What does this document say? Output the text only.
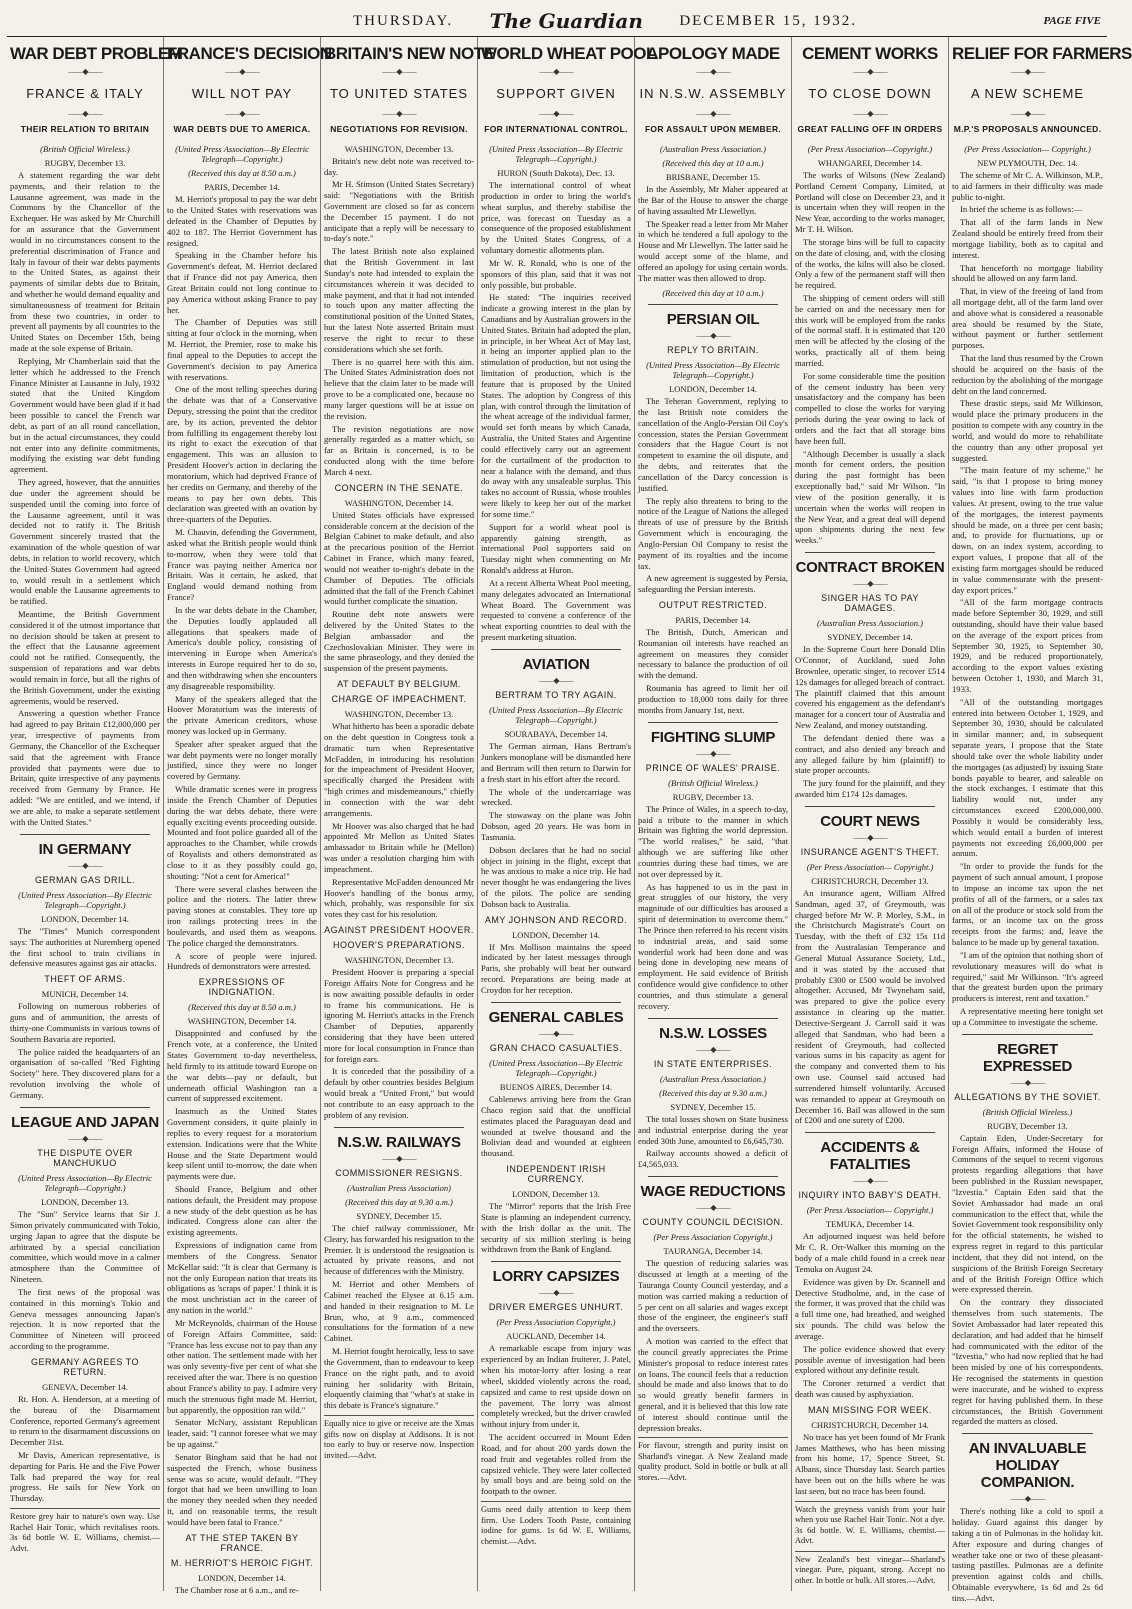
THURSDAY. The Guardian DECEMBER 15, 1932.	PAGE FIVE
WAR DEBT PROBLEM
——◆——
FRANCE & ITALY
——◆——
THEIR RELATION TO BRITAIN
(British Official Wireless.)
RUGBY, December 13.

A statement regarding the war debt payments, and their relation to the Lausanne agreement, was made in the Commons by the Chancellor of the Exchequer. He was asked by Mr Churchill for an assurance that the Government would in no circumstances consent to the preferential discrimination of France and Italy in favour of their war debts payments to the United States, as against their payments of similar debts due to Britain, and whether he would demand equality and simultaneousness of treatment for Britain from these two countries, in order to prevent all payments by all countries to the United States on December 15th, being made at the sole expense of Britain.

Replying, Mr Chamberlain said that the letter which he addressed to the French Finance Minister at Lausanne in July, 1932 stated that the United Kingdom Government would have been glad if it had been possible to cancel the French war debt, as part of an all round cancellation, but in the actual circumstances, they could not enter into any definite commitments, modifying the existing war debt funding agreement.

They agreed, however, that the annuities due under the agreement should be suspended until the coming into force of the Lausanne agreement, until it was decided not to ratify it. The British Government sincerely trusted that the examination of the whole question of war debts, in relation to world recovery, which the United States Government had agreed to, would result in a settlement which would enable the Lausanne agreements to be ratified.

Meantime, the British Government considered it of the utmost importance that no decision should be taken at present to the effect that the Lausanne agreement could not be ratified. Consequently, the suspension of reparations and war debts would remain in force, but all the rights of the British Government, under the existing agreements, would be reserved.

Answering a question whether France had agreed to pay Britain £12,000,000 per year, irrespective of payments from Germany, the Chancellor of the Exchequer said that the agreement with France provided that payments were due to Britain, quite irrespective of any payments received from Germany by France. He added: "We are entitled, and we intend, if we are able, to make a separate settlement with the United States."

IN GERMANY
——◆——
GERMAN GAS DRILL.
(United Press Association—By Electric Telegraph—Copyright.)
LONDON, December 14.

The "Times" Munich correspondent says: The authorities at Nuremberg opened the first school to train civilians in defensive measures against gas air attacks.

THEFT OF ARMS.
MUNICH, December 14.

Following on numerous robberies of guns and of ammunition, the arrests of thirty-one Communists in various towns of Southern Bavaria are reported.

The police raided the headquarters of an organisation of so-called "Red Fighting Society" here. They discovered plans for a revolution involving the whole of Germany.

LEAGUE AND JAPAN
——◆——
THE DISPUTE OVER MANCHUKUO
(United Press Association—By Electric Telegraph—Copyright.)
LONDON, December 13.

The "Sun" Service learns that Sir J. Simon privately communicated with Tokio, urging Japan to agree that the dispute be arbitrated by a special conciliation committee, which would move in a calmer atmosphere than the Committee of Nineteen.

The first news of the proposal was contained in this morning's Tokio and Geneva messages announcing Japan's rejection. It is now reported that the Committee of Nineteen will proceed according to the programme.

GERMANY AGREES TO RETURN.
GENEVA, December 14.

Rt. Hon. A. Henderson, at a meeting of the bureau of the Disarmament Conference, reported Germany's agreement to return to the disarmament discussions on December 31st.

Mr Davis, American representative, is departing for Paris. He and the Five Power Talk had prepared the way for real progress. He sails for New York on Thursday.

Restore grey hair to nature's own way. Use Rachel Hair Tonic, which revitalises roots. 3s 6d bottle W. E. Williams, chemist.—Advt.

FRANCE'S DECISION
——◆——
WILL NOT PAY
——◆——
WAR DEBTS DUE TO AMERICA.
(United Press Association—By Electric Telegraph—Copyright.)
(Received this day at 8.50 a.m.)
PARIS, December 14.

M. Herriot's proposal to pay the war debt to the United States with reservations was defeated in the Chamber of Deputies by 402 to 187. The Herriot Government has resigned.

Speaking in the Chamber before his Government's defeat, M. Herriot declared that if France did not pay America, then Great Britain could not long continue to pay America without asking France to pay her.

The Chamber of Deputies was still sitting at four o'clock in the morning, when M. Herriot, the Premier, rose to make his final appeal to the Deputies to accept the Government's decision to pay America with reservations.

One of the most telling speeches during the debate was that of a Conservative Deputy, stressing the point that the creditor are, by its action, prevented the debtor from fulfilling its engagement thereby lost its right to exact the execution of that engagement. This was an allusion to President Hoover's action in declaring the moratorium, which had deprived France of her credits on Germany, and thereby of the means to pay her own debts. This declaration was greeted with an ovation by three-quarters of the Deputies.

M. Chauvin, defending the Government, asked what the British people would think to-morrow, when they were told that France was paying neither America nor Britain. Was it certain, he asked, that England would demand nothing from France?

In the war debts debate in the Chamber, the Deputies loudly applauded all allegations that speakers made of America's double policy, consisting of intervening in Europe when America's interests in Europe required her to do so, and then withdrawing when she encounters any disagreeable responsibility.

Many of the speakers alleged that the Hoover Moratorium was the interests of the private American creditors, whose money was locked up in Germany.

Speaker after speaker argued that the war debt payments were no longer morally justified, since they were no longer covered by Germany.

While dramatic scenes were in progress inside the French Chamber of Deputies during the war debts debate, there were equally exciting events proceeding outside. Mounted and foot police guarded all of the approaches to the Chamber, while crowds of Royalists and others demonstrated as close to it as they possibly could go, shouting: "Not a cent for America!"

There were several clashes between the police and the rioters. The latter threw paving stones at constables. They tore up iron railings protecting trees in the boulevards, and used them as weapons. The police charged the demonstrators.

A score of people were injured. Hundreds of demonstrators were arrested.

EXPRESSIONS OF INDIGNATION.
(Received this day at 8.50 a.m.)
WASHINGTON, December 14.

Disappointed and confused by the French vote, at a conference, the United States Government to-day nevertheless, held firmly to its attitude toward Europe on the war debts—pay or default, but underneath official Washington ran a current of suppressed excitement.

Inasmuch as the United States Government considers, it quite plainly in replies to every request for a moratorium extension. Indications were that the White House and the State Department would keep silent until to-morrow, the date when payments were due.

Should France, Belgium and other nations default, the President may propose a new study of the debt question as he has indicated. Congress alone can alter the existing agreements.

Expressions of indignation came from members of the Congress. Senator McKellar said: "It is clear that Germany is not the only European nation that treats its obligations as 'scraps of paper.' I think it is the most unchristian act in the career of any nation in the world."

Mr McReynolds, chairman of the House of Foreign Affairs Committee, said: "France has less excuse not to pay than any other nation. The settlement made with her was only seventy-five per cent of what she received after the war. There is no question about France's ability to pay. I admire very much the strenuous fight made M. Herriot, but apparently, the opposition ran wild."

Senator McNary, assistant Republican leader, said: "I cannot foresee what we may be up against."

Senator Bingham said that he had not suspected the French, whose business sense was so acute, would default. "They forgot that had we been unwilling to loan the money they needed when they needed it, and on reasonable terms, the result would have been fatal to France."

AT THE STEP TAKEN BY FRANCE.
M. HERRIOT'S HEROIC FIGHT.
LONDON, December 14.

The Chamber rose at 6 a.m., and re-

BRITAIN'S NEW NOTE
——◆——
TO UNITED STATES
——◆——
NEGOTIATIONS FOR REVISION.
WASHINGTON, December 13.

Britain's new debt note was received to-day.

Mr H. Stimson (United States Secretary) said: "Negotiations with the British Government are closed so far as concern the December 15 payment. I do not anticipate that a reply will be necessary to to-day's note."

The latest British note also explained that the British Government in last Sunday's note had intended to explain the circumstances wherein it was decided to make payment, and that it had not intended to touch upon any matter affecting the constitutional position of the United States, but the latest Note asserted Britain must reserve the right to recur to these considerations which she set forth.

There is no quarrel here with this aim. The United States Administration does not believe that the claim later to be made will prove to be a complicated one, because no many larger questions will be at issue on the revision.

The revision negotiations are now generally regarded as a matter which, so far as Britain is concerned, is to be conducted along with the time before March 4 next.

CONCERN IN THE SENATE.
WASHINGTON, December 14.

United States officials have expressed considerable concern at the decision of the Belgian Cabinet to make default, and also at the precarious position of the Herriot Cabinet in France, which many feared, would not weather to-night's debate in the Chamber of Deputies. The officials admitted that the fall of the French Cabinet would further complicate the situation.

Routine debt note answers were delivered by the United States to the Belgian ambassador and the Czechoslovakian Minister. They were in the same phraseology, and they denied the suspension of the present payments.

AT DEFAULT BY BELGIUM.
CHARGE OF IMPEACHMENT.
WASHINGTON, December 13.

What hitherto has been a sporadic debate on the debt question in Congress took a dramatic turn when Representative McFadden, in introducing his resolution for the impeachment of President Hoover, specifically charged the President with "high crimes and misdemeanours," chiefly in connection with the war debt arrangements.

Mr Hoover was also charged that he had appointed Mr Mellon as United States ambassador to Britain while he (Mellon) was under a resolution charging him with impeachment.

Representative McFadden denounced Mr Hoover's handling of the bonus army, which, probably, was responsible for six votes they cast for his resolution.

AGAINST PRESIDENT HOOVER.
HOOVER'S PREPARATIONS.
WASHINGTON, December 13.

President Hoover is preparing a special Foreign Affairs Note for Congress and he is now awaiting possible defaults in order to frame his communications. He is ignoring M. Herriot's attacks in the French Chamber of Deputies, apparently considering that they have been uttered more for local consumption in France than for foreign ears.

It is conceded that the possibility of a default by other countries besides Belgium would break a "United Front," but would not contribute to an easy approach to the problem of any revision.

N.S.W. RAILWAYS
——◆——
COMMISSIONER RESIGNS.
(Australian Press Association)
(Received this day at 9.30 a.m.)
SYDNEY, December 15.

The chief railway commissioner, Mr Cleary, has forwarded his resignation to the Premier. It is understood the resignation is actuated by private reasons, and not because of differences with the Ministry.

M. Herriot and other Members of Cabinet reached the Elysee at 6.15 a.m. and handed in their resignation to M. Le Brun, who, at 9 a.m., commenced consultations for the formation of a new Cabinet.

M. Herriot fought heroically, less to save the Government, than to endeavour to keep France on the right path, and to avoid ruining her solidarity with Britain, eloquently claiming that "what's at stake in this debate is France's signature."

Equally nice to give or receive are the Xmas gifts now on display at Addisons. It is not too early to buy or reserve now. Inspection invited.—Advt.

WORLD WHEAT POOL
——◆——
SUPPORT GIVEN
——◆——
FOR INTERNATIONAL CONTROL.
(United Press Association—By Electric Telegraph—Copyright.)
HURON (South Dakota), Dec. 13.

The international control of wheat production in order to bring the world's wheat surplus, and thereby stabilise the price, was forecast on Tuesday as a consequence of the proposed establishment by the United States Congress, of a voluntary domestic allotments plan.

Mr W. R. Ronald, who is one of the sponsors of this plan, said that it was not only possible, but probable.

He stated: "The inquiries received indicate a growing interest in the plan by Canadians and by Australian growers in the United States. Britain had adopted the plan, in principle, in her Wheat Act of May last, it being an importer applied plan to the stimulation of production, but not using the limitation of production, which is the feature that is proposed by the United States. The adoption by Congress of this plan, with control through the limitation of the wheat acreage of the individual farmer, would set forth means by which Canada, Australia, the United States and Argentine could effectively carry out an agreement for the curtailment of the production to near a balance with the demand, and thus do away with any unsaleable surplus. This takes no account of Russia, whose troubles were likely to keep her out of the market for some time."

Support for a world wheat pool is apparently gaining strength, as international Pool supporters said on Tuesday night when commenting on Mr Ronald's address at Huron.

At a recent Alberta Wheat Pool meeting, many delegates advocated an International Wheat Board. The Government was requested to convene a conference of the wheat exporting countries to deal with the present marketing situation.

AVIATION
——◆——
BERTRAM TO TRY AGAIN.
(United Press Association—By Electric Telegraph—Copyright.)
SOURABAYA, December 14.

The German airman, Hans Bertram's Junkers monoplane will be dismantled here and Bertram will then return to Darwin for a fresh start in his effort after the record.

The whole of the undercarriage was wrecked.

The stowaway on the plane was John Dobson, aged 20 years. He was born in Tasmania.

Dobson declares that he had no social object in joining in the flight, except that he was anxious to make a nice trip. He had never thought he was endangering the lives of the pilots. The police are sending Dobson back to Australia.

AMY JOHNSON AND RECORD.
LONDON, December 14.

If Mrs Mollison maintains the speed indicated by her latest messages through Paris, she probably will beat her outward record. Preparations are being made at Croydon for her reception.

GENERAL CABLES
——◆——
GRAN CHACO CASUALTIES.
(United Press Association—By Electric Telegraph—Copyright.)
BUENOS AIRES, December 14.

Cablenews arriving here from the Gran Chaco region said that the unofficial estimates placed the Paraguayan dead and wounded at twelve thousand and the Bolivian dead and wounded at eighteen thousand.

INDEPENDENT IRISH CURRENCY.
LONDON, December 13.

The "Mirror" reports that the Irish Free State is planning an independent currency, with the Irish dollar as the unit. The security of six million sterling is being withdrawn from the Bank of England.

LORRY CAPSIZES
——◆——
DRIVER EMERGES UNHURT.
(Per Press Association Copyright.)
AUCKLAND, December 14.

A remarkable escape from injury was experienced by an Indian fruiterer, J. Patel, when his motor-lorry after losing a rear wheel, skidded violently across the road, capsized and came to rest upside down on the pavement. The lorry was almost completely wrecked, but the driver crawled without injury from under it.

The accident occurred in Mount Eden Road, and for about 200 yards down the road fruit and vegetables rolled from the capsized vehicle. They were later collected by small boys and are being sold on the footpath to the owner.

Gums need daily attention to keep them firm. Use Loders Tooth Paste, containing iodine for gums. 1s 6d W. E. Williams, chemist.—Advt.

APOLOGY MADE
——◆——
IN N.S.W. ASSEMBLY
——◆——
FOR ASSAULT UPON MEMBER.
(Australian Press Association.)
(Received this day at 10 a.m.)
BRISBANE, December 15.

In the Assembly, Mr Maher appeared at the Bar of the House to answer the charge of having assaulted Mr Llewellyn.

The Speaker read a letter from Mr Maher in which he tendered a full apology to the House and Mr Llewellyn. The latter said he would accept some of the blame, and offered an apology for using certain words. The matter was then allowed to drop.

(Received this day at 10 a.m.)
PERSIAN OIL
——◆——
REPLY TO BRITAIN.
(United Press Association—By Electric Telegraph—Copyright.)
LONDON, December 14.

The Teheran Government, replying to the last British note considers the cancellation of the Anglo-Persian Oil Coy's concession, states the Persian Government considers that the Hague Court is not competent to examine the oil dispute, and the debts, and reiterates that the cancellation of the Darcy concession is justified.

The reply also threatens to bring to the notice of the League of Nations the alleged threats of use of pressure by the British Government which is encouraging the Anglo-Persian Oil Company to resist the payment of its royalties and the income tax.

A new agreement is suggested by Persia, safeguarding the Persian interests.

OUTPUT RESTRICTED.
PARIS, December 14.

The British, Dutch, American and Roumanian oil interests have reached an agreement on measures they consider necessary to balance the production of oil with the demand.

Roumania has agreed to limit her oil production to 18,000 tons daily for three months from January 1st, next.

FIGHTING SLUMP
——◆——
PRINCE OF WALES' PRAISE.
(British Official Wireless.)
RUGBY, December 13.

The Prince of Wales, in a speech to-day, paid a tribute to the manner in which Britain was fighting the world depression. "The world realises," he said, "that although we are suffering like other countries during these bad times, we are not over depressed by it.

As has happened to us in the past in great struggles of our history, the very magnitude of our difficulties has aroused a spirit of determination to overcome them." The Prince then referred to his recent visits to industrial areas, and said some wonderful work had been done and was being done in developing new means of employment. He said evidence of British confidence would give confidence to other countries, and thus stimulate a general recovery.

N.S.W. LOSSES
——◆——
IN STATE ENTERPRISES.
(Australian Press Association.)
(Received this day at 9.30 a.m.)
SYDNEY, December 15.

The total losses shown on State business and industrial enterprise during the year ended 30th June, amounted to £6,645,730.

Railway accounts showed a deficit of £4,565,033.

WAGE REDUCTIONS
——◆——
COUNTY COUNCIL DECISION.
(Per Press Association Copyright.)
TAURANGA, December 14.

The question of reducing salaries was discussed at length at a meeting of the Tauranga County Council yesterday, and a motion was carried making a reduction of 5 per cent on all salaries and wages except those of the engineer, the engineer's staff and the overseers.

A motion was carried to the effect that the council greatly appreciates the Prime Minister's proposal to reduce interest rates on loans. The council feels that a reduction should be made and also knows that to do so would greatly benefit farmers in general, and it is believed that this low rate of interest should continue until the depression breaks.

For flavour, strength and purity insist on Sharland's vinegar. A New Zealand made quality product. Sold in bottle or bulk at all stores.—Advt.

CEMENT WORKS
——◆——
TO CLOSE DOWN
——◆——
GREAT FALLING OFF IN ORDERS
(Per Press Association—Copyright.)
WHANGAREI, December 14.

The works of Wilsons (New Zealand) Portland Cement Company, Limited, at Portland will close on December 23, and it is uncertain when they will reopen in the New Year, according to the works manager, Mr T. H. Wilson.

The storage bins will be full to capacity on the date of closing, and, with the closing of the works, the kilns will also be closed. Only a few of the permanent staff will then be required.

The shipping of cement orders will still be carried on and the necessary men for this work will be employed from the ranks of the normal staff. It is estimated that 120 men will be affected by the closing of the works, practically all of them being married.

For some considerable time the position of the cement industry has been very unsatisfactory and the company has been compelled to close the works for varying periods during the year owing to lack of orders and the fact that all storage bins have been full.

"Although December is usually a slack month for cement orders, the position during the past fortnight has been exceptionally bad," said Mr Wilson. "In view of the position generally, it is uncertain when the works will reopen in the New Year, and a great deal will depend upon shipments during the next few weeks."

CONTRACT BROKEN
——◆——
SINGER HAS TO PAY DAMAGES.
(Australian Press Association.)
SYDNEY, December 14.

In the Supreme Court here Donald Dlin O'Connor, of Auckland, sued John Brownlee, operatic singer, to recover £514 12s damages for alleged breach of contract. The plaintiff claimed that this amount covered his engagement as the defendant's manager for a concert tour of Australia and New Zealand, and money outstanding.

The defendant denied there was a contract, and also denied any breach and any alleged failure by him (plaintiff) to state proper accounts.

The jury found for the plaintiff, and they awarded him £174 12s damages.

COURT NEWS
——◆——
INSURANCE AGENT'S THEFT.
(Per Press Association— Copyright.)
CHRISTCHURCH, December 13.

An insurance agent, William Alfred Sandman, aged 37, of Greymouth, was charged before Mr W. P. Morley, S.M., in the Christchurch Magistrate's Court on Tuesday, with the theft of £32 15s 11d from the Australasian Temperance and General Mutual Assurance Society, Ltd., and it was stated by the accused that probably £300 or £500 would be involved altogether. Accused, Mr Twyneham said, was prepared to give the police every assistance in clearing up the matter. Detective-Sergeant J. Carroll said it was alleged that Sandman, who had been a resident of Greymouth, had collected various sums in his capacity as agent for the company and converted them to his own use. Counsel said accused had surrendered himself voluntarily. Accused was remanded to appear at Greymouth on December 16. Bail was allowed in the sum of £200 and one surety of £200.

ACCIDENTS & FATALITIES
——◆——
INQUIRY INTO BABY'S DEATH.
(Per Press Association— Copyright.)
TEMUKA, December 14.

An adjourned inquest was held before Mr C. R. Orr-Walker this morning on the body of a male child found in a creek near Temuka on August 24.

Evidence was given by Dr. Scannell and Detective Studholme, and, in the case of the former, it was proved that the child was a full time one, had breathed, and weighed six pounds. The child was below the average.

The police evidence showed that every possible avenue of investigation had been explored without any definite result.

The Coroner returned a verdict that death was caused by asphyxiation.

MAN MISSING FOR WEEK.
CHRISTCHURCH, December 14.

No trace has yet been found of Mr Frank James Matthews, who has been missing from his home, 17, Spence Street, St. Albans, since Thursday last. Search parties have been out on the hills where he was last seen, but no trace has been found.

Watch the greyness vanish from your hair when you use Rachel Hair Tonic. Not a dye. 3s 6d bottle. W. E. Williams, chemist.—Advt.

New Zealand's best vinegar—Sharland's vinegar. Pure, piquant, strong. Accept no other. In bottle or bulk. All stores.—Advt.

RELIEF FOR FARMERS
——◆——
A NEW SCHEME
——◆——
M.P.'S PROPOSALS ANNOUNCED.
(Per Press Association— Copyright.)
NEW PLYMOUTH, Dec. 14.

The scheme of Mr C. A. Wilkinson, M.P., to aid farmers in their difficulty was made public to-night.

In brief the scheme is as follows:—

That all of the farm lands in New Zealand should be entirely freed from their mortgage liability, both as to capital and interest.

That henceforth no mortgage liability should be allowed on any farm land.

That, in view of the freeing of land from all mortgage debt, all of the farm land over and above what is considered a reasonable area should be resumed by the State, without payment or further settlement purposes.

That the land thus resumed by the Crown should be acquired on the basis of the reduction by the abolishing of the mortgage debt on the land concerned.

These drastic steps, said Mr Wilkinson, would place the primary producers in the position to compete with any country in the world, and would do more to rehabilitate the country than any other proposal yet suggested.

"The main feature of my scheme," he said, "is that I propose to bring money values into line with farm production values. At present, owing to the true value of the mortgages, the interest payments should be made, on a three per cent basis; and, to provide for fluctuations, up or down, on an index system, according to export values, I propose that all of the existing farm mortgages should be reduced in value commensurate with the present-day export prices."

"All of the farm mortgage contracts made before September 30, 1929, and still outstanding, should have their value based on the average of the export prices from September 30, 1925, to September 30, 1929, and be reduced proportionately, according to the export values existing between October 1, 1930, and March 31, 1933.

"All of the outstanding mortgages entered into between October 1, 1929, and September 30, 1930, should be calculated in similar manner; and, in subsequent separate years, I propose that the State should take over the whole liability under the mortgages (as adjusted) by issuing State bonds payable to bearer, and saleable on the stock exchanges. I estimate that this liability would not, under any circumstances exceed £200,000,000. Possibly it would be considerably less, which would entail a burden of interest payments not exceeding £6,000,000 per annum.

"In order to provide the funds for the payment of such annual amount, I propose to impose an income tax upon the net profits of all of the farmers, or a sales tax on all of the produce or stock sold from the farms, or an income tax on the gross receipts from the farms; and, leave the balance to be made up by general taxation.

"I am of the opinion that nothing short of revolutionary measures will do what is required," said Mr Wilkinson. "It's agreed that the greatest burden upon the primary producers is interest, rent and taxation."

A representative meeting here tonight set up a Committee to investigate the scheme.

REGRET EXPRESSED
——◆——
ALLEGATIONS BY THE SOVIET.
(British Official Wireless.)
RUGBY, December 13.

Captain Eden, Under-Secretary for Foreign Affairs, informed the House of Commons of the sequel to recent vigorous protests regarding allegations that have been published in the Russian newspaper, "Izvestia." Captain Eden said that the Soviet Ambassador had made an oral communication to the effect that, while the Soviet Government took responsibility only for the official statements, he wished to express regret in regard to this particular incident, that they did not intend, on the suspicions of the British Foreign Secretary and of the British Foreign Office which were expressed therein.

On the contrary they dissociated themselves from such statements. The Soviet Ambassador had later repeated this declaration, and had added that he himself had communicated with the editor of the "Izvestia," who had now replied that he had been misled by one of his correspondents. He recognised the statements in question were inaccurate, and he wished to express regret for having published them. In these circumstances, the British Government regarded the matters as closed.

AN INVALUABLE HOLIDAY COMPANION.
——◆——

There's nothing like a cold to spoil a holiday. Guard against this danger by taking a tin of Pulmonas in the holiday kit. After exposure and during changes of weather take one or two of these pleasant-tasting pastilles. Pulmonas are a definite prevention against colds and chills. Obtainable everywhere, 1s 6d and 2s 6d tins.—Advt.
